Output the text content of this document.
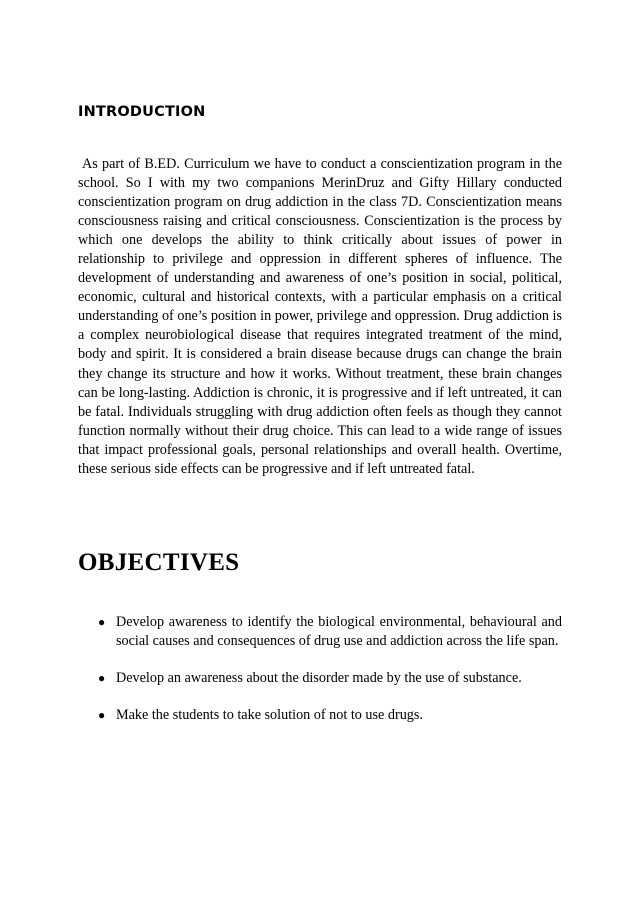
INTRODUCTION

As part of B.ED. Curriculum we have to conduct a conscientization program in the school. So I with my two companions MerinDruz and Gifty Hillary conducted conscientization program on drug addiction in the class 7D. Conscientization means consciousness raising and critical consciousness. Conscientization is the process by which one develops the ability to think critically about issues of power in relationship to privilege and oppression in different spheres of influence. The development of understanding and awareness of one’s position in social, political, economic, cultural and historical contexts, with a particular emphasis on a critical understanding of one’s position in power, privilege and oppression. Drug addiction is a complex neurobiological disease that requires integrated treatment of the mind, body and spirit. It is considered a brain disease because drugs can change the brain they change its structure and how it works. Without treatment, these brain changes can be long-lasting. Addiction is chronic, it is progressive and if left untreated, it can be fatal. Individuals struggling with drug addiction often feels as though they cannot function normally without their drug choice. This can lead to a wide range of issues that impact professional goals, personal relationships and overall health. Overtime, these serious side effects can be progressive and if left untreated fatal.

OBJECTIVES
● Develop awareness to identify the biological environmental, behavioural and social causes and consequences of drug use and addiction across the life span.
● Develop an awareness about the disorder made by the use of substance.
● Make the students to take solution of not to use drugs.
